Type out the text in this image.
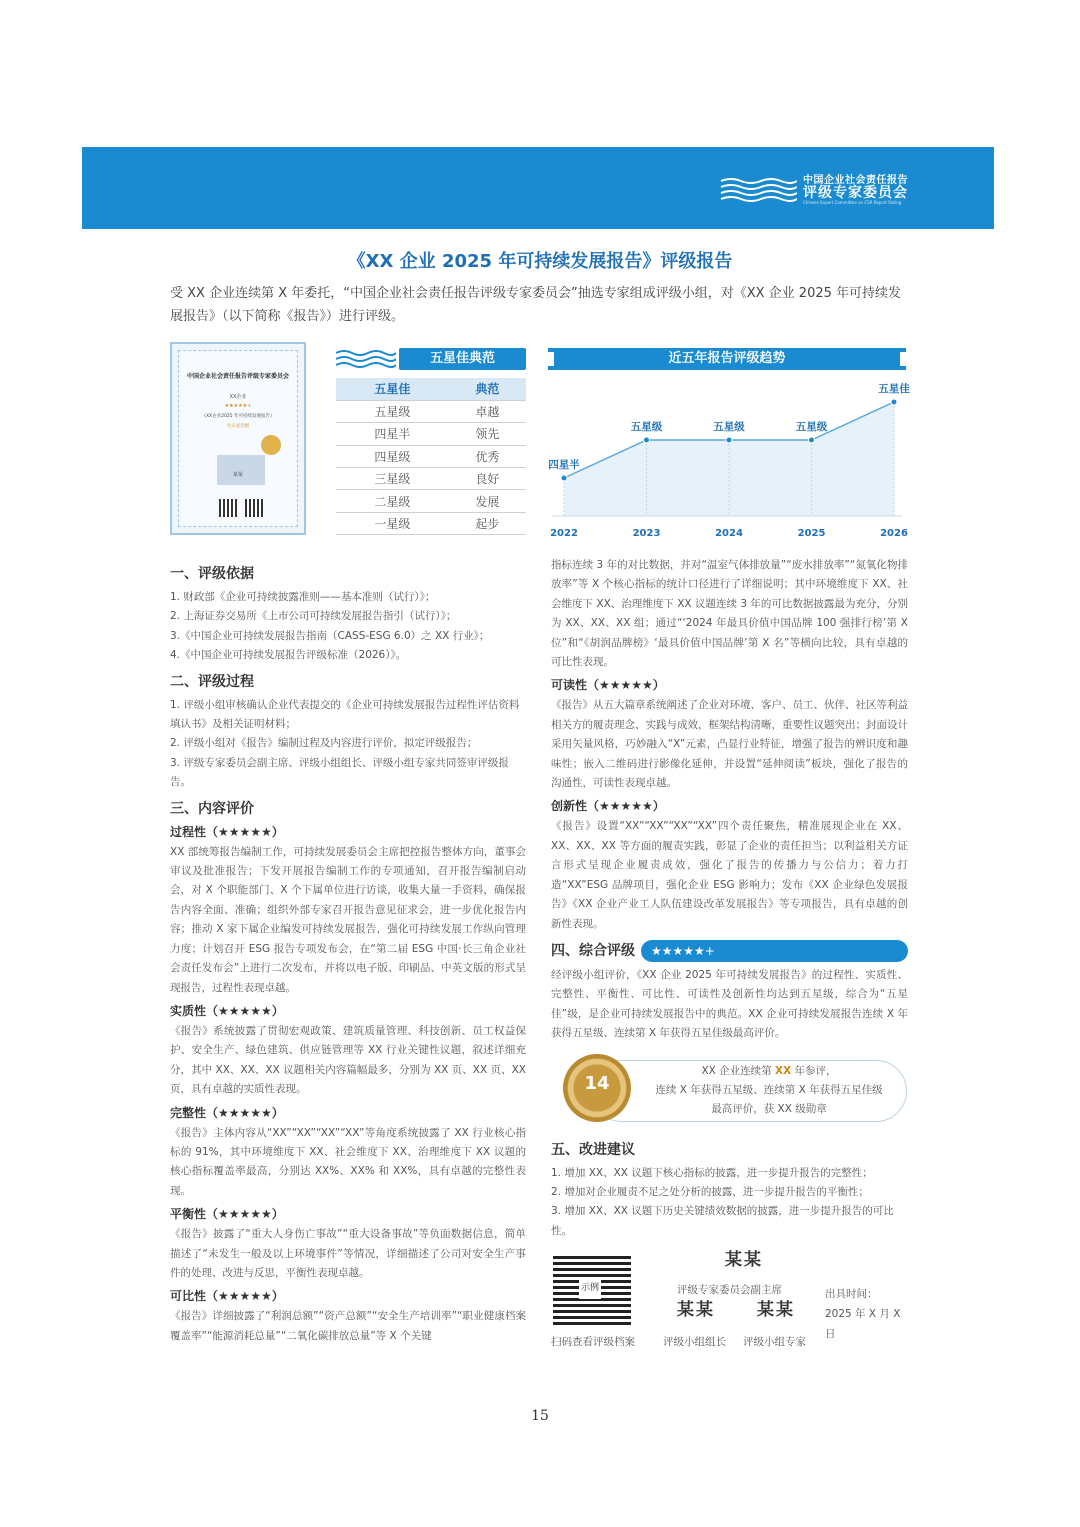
中国企业社会责任报告
评级专家委员会
Chinese Expert Committee on CSR Report Rating
《XX 企业 2025 年可持续发展报告》评级报告
受 XX 企业连续第 X 年委托，“中国企业社会责任报告评级专家委员会”抽选专家组成评级小组，对《XX 企业 2025 年可持续发展报告》（以下简称《报告》）进行评级。
中国企业社会责任报告评级专家委员会
XX企业
★★★★★+
《XX企业2025 年可持续发展报告》
为五星佳级
某某
五星佳典范
五星佳	典范
五星级	卓越
四星半	领先
四星级	优秀
三星级	良好
二星级	发展
一星级	起步
近五年报告评级趋势
四星半
2022
五星级
2023
五星级
2024
五星级
2025
五星佳
2026
一、评级依据

1. 财政部《企业可持续披露准则——基本准则（试行）》；

2. 上海证券交易所《上市公司可持续发展报告指引（试行）》；

3.《中国企业可持续发展报告指南（CASS-ESG 6.0）之 XX 行业》；

4.《中国企业可持续发展报告评级标准（2026）》。

二、评级过程

1. 评级小组审核确认企业代表提交的《企业可持续发展报告过程性评估资料填认书》及相关证明材料；

2. 评级小组对《报告》编制过程及内容进行评价，拟定评级报告；

3. 评级专家委员会副主席、评级小组组长、评级小组专家共同签审评级报告。

三、内容评价
过程性（★★★★★）

XX 部统筹报告编制工作，可持续发展委员会主席把控报告整体方向，董事会审议及批准报告；下发开展报告编制工作的专项通知，召开报告编制启动会，对 X 个职能部门、X 个下属单位进行访谈，收集大量一手资料，确保报告内容全面、准确；组织外部专家召开报告意见征求会，进一步优化报告内容；推动 X 家下属企业编发可持续发展报告，强化可持续发展工作纵向管理力度；计划召开 ESG 报告专项发布会，在“第二届 ESG 中国·长三角企业社会责任发布会”上进行二次发布，并将以电子版、印刷品、中英文版的形式呈现报告，过程性表现卓越。

实质性（★★★★★）

《报告》系统披露了贯彻宏观政策、建筑质量管理、科技创新、员工权益保护、安全生产、绿色建筑、供应链管理等 XX 行业关键性议题，叙述详细充分，其中 XX、XX、XX 议题相关内容篇幅最多，分别为 XX 页、XX 页、XX 页，具有卓越的实质性表现。

完整性（★★★★★）

《报告》主体内容从“XX”“XX”“XX”“XX”等角度系统披露了 XX 行业核心指标的 91%，其中环境维度下 XX、社会维度下 XX、治理维度下 XX 议题的核心指标覆盖率最高，分别达 XX%、XX% 和 XX%，具有卓越的完整性表现。

平衡性（★★★★★）

《报告》披露了“重大人身伤亡事故”“重大设备事故”等负面数据信息，简单描述了“未发生一般及以上环境事件”等情况，详细描述了公司对安全生产事件的处理、改进与反思，平衡性表现卓越。

可比性（★★★★★）

《报告》详细披露了“利润总额”“资产总额”“安全生产培训率”“职业健康档案覆盖率”“能源消耗总量”“二氧化碳排放总量”等 X 个关键

指标连续 3 年的对比数据，并对“温室气体排放量”“废水排放率”“氮氧化物排放率”等 X 个核心指标的统计口径进行了详细说明；其中环境维度下 XX、社会维度下 XX、治理维度下 XX 议题连续 3 年的可比数据披露最为充分，分别为 XX、XX、XX 组；通过“‘2024 年最具价值中国品牌 100 强排行榜’第 X 位”和“《胡润品牌榜》‘最具价值中国品牌’第 X 名”等横向比较，具有卓越的可比性表现。

可读性（★★★★★）

《报告》从五大篇章系统阐述了企业对环境、客户、员工、伙伴、社区等利益相关方的履责理念、实践与成效，框架结构清晰，重要性议题突出；封面设计采用矢量风格，巧妙融入“X”元素，凸显行业特征，增强了报告的辨识度和趣味性；嵌入二维码进行影像化延伸，并设置“延伸阅读”板块，强化了报告的沟通性，可读性表现卓越。

创新性（★★★★★）

《报告》设置“XX”“XX”“XX”“XX”四个责任聚焦，精准展现企业在 XX、XX、XX、XX 等方面的履责实践，彰显了企业的责任担当；以利益相关方证言形式呈现企业履责成效，强化了报告的传播力与公信力；着力打造“XX”ESG 品牌项目，强化企业 ESG 影响力；发布《XX 企业绿色发展报告》《XX 企业产业工人队伍建设改革发展报告》等专项报告，具有卓越的创新性表现。

四、综合评级	★★★★★+

经评级小组评价，《XX 企业 2025 年可持续发展报告》的过程性、实质性、完整性、平衡性、可比性、可读性及创新性均达到五星级，综合为“五星佳”级，是企业可持续发展报告中的典范。XX 企业可持续发展报告连续 X 年获得五星级、连续第 X 年获得五星佳级最高评价。

14
XX 企业连续第 XX 年参评，
连续 X 年获得五星级、连续第 X 年获得五星佳级
最高评价，获 XX 级勋章
五、改进建议

1. 增加 XX、XX 议题下核心指标的披露，进一步提升报告的完整性；

2. 增加对企业履责不足之处分析的披露，进一步提升报告的平衡性；

3. 增加 XX、XX 议题下历史关键绩效数据的披露，进一步提升报告的可比性。

示例
扫码查看评级档案
某某
评级专家委员会副主席
某某 某某
评级小组组长 评级小组专家
出具时间：
2025 年 X 月 X 日
15
